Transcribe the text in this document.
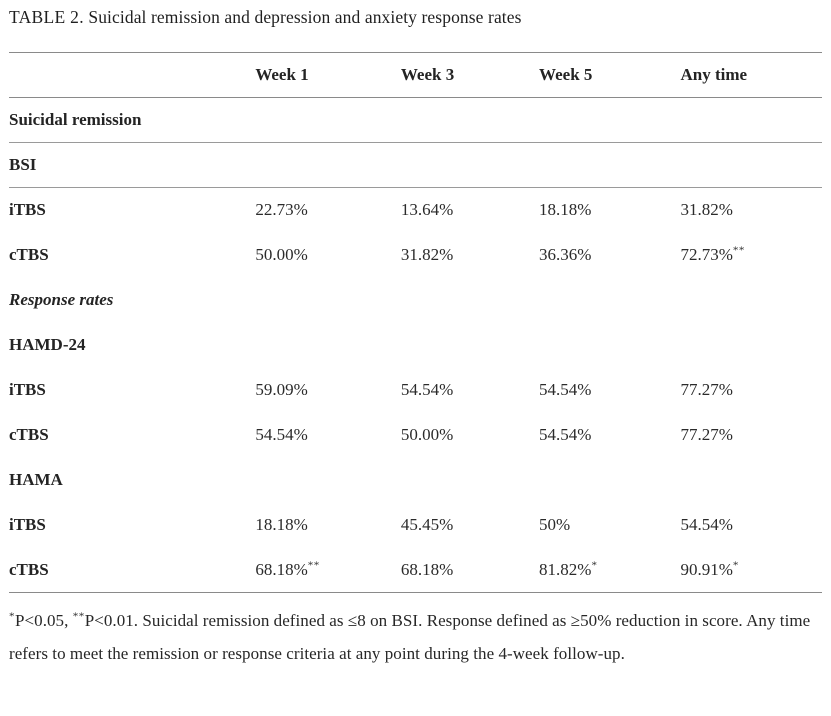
TABLE 2. Suicidal remission and depression and anxiety response rates
	Week 1	Week 3	Week 5	Any time
Suicidal remission				
BSI				
iTBS	22.73%	13.64%	18.18%	31.82%
cTBS	50.00%	31.82%	36.36%	72.73%**
Response rates				
HAMD-24				
iTBS	59.09%	54.54%	54.54%	77.27%
cTBS	54.54%	50.00%	54.54%	77.27%
HAMA				
iTBS	18.18%	45.45%	50%	54.54%
cTBS	68.18%**	68.18%	81.82%*	90.91%*
*P<0.05, **P<0.01. Suicidal remission defined as ≤8 on BSI. Response defined as ≥50% reduction in score. Any time refers to meet the remission or response criteria at any point during the 4-week follow-up.
